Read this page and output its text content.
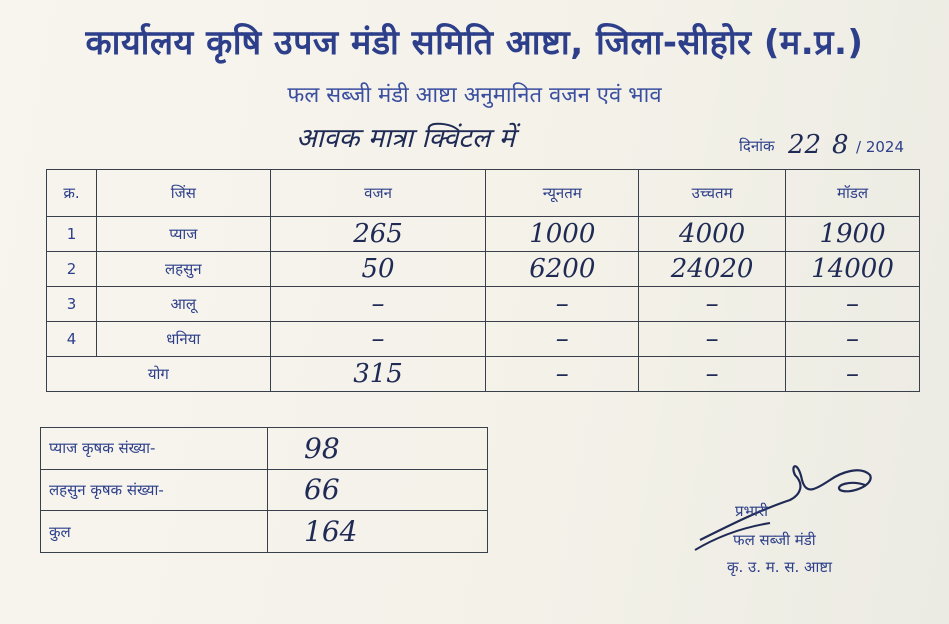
कार्यालय कृषि उपज मंडी समिति आष्टा, जिला-सीहोर (म.प्र.)
फल सब्जी मंडी आष्टा अनुमानित वजन एवं भाव
आवक मात्रा क्विंटल में	दिनांक 22 8 / 2024
क्र.	जिंस	वजन	न्यूनतम	उच्चतम	मॉडल
1	प्याज	265	1000	4000	1900
2	लहसुन	50	6200	24020	14000
3	आलू	–	–	–	–
4	धनिया	–	–	–	–
योग		315	–	–	–
प्याज कृषक संख्या-	98
लहसुन कृषक संख्या-	66
कुल	164
प्रभारी
फल सब्जी मंडी
कृ. उ. म. स. आष्टा
